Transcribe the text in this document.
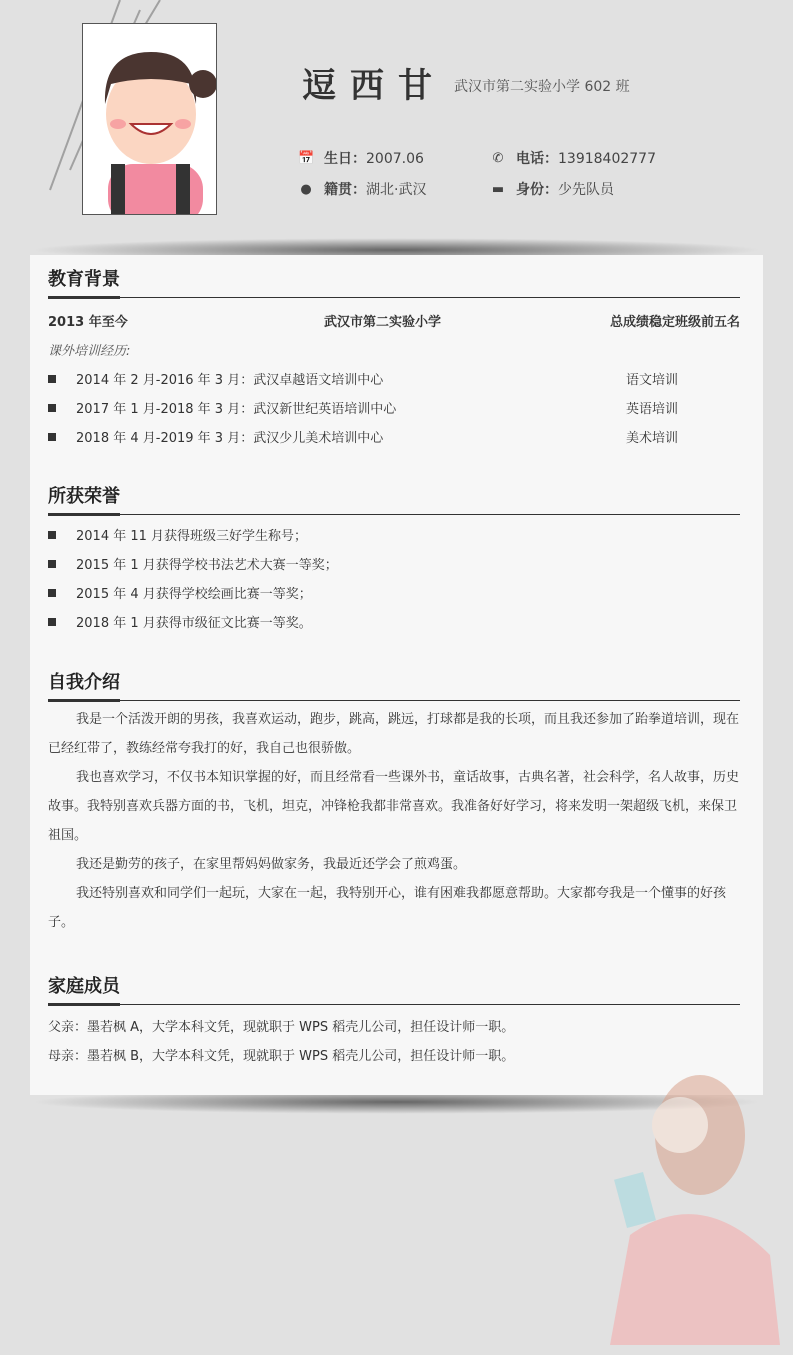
逗西甘 武汉市第二实验小学 602 班
📅 生日：2007.06	✆ 电话：13918402777
● 籍贯：湖北·武汉	▬ 身份：少先队员
教育背景
2013 年至今	武汉市第二实验小学	总成绩稳定班级前五名
课外培训经历:
2014 年 2 月-2016 年 3 月：武汉卓越语文培训中心	语文培训
2017 年 1 月-2018 年 3 月：武汉新世纪英语培训中心	英语培训
2018 年 4 月-2019 年 3 月：武汉少儿美术培训中心	美术培训
所获荣誉
2014 年 11 月获得班级三好学生称号；
2015 年 1 月获得学校书法艺术大赛一等奖；
2015 年 4 月获得学校绘画比赛一等奖；
2018 年 1 月获得市级征文比赛一等奖。
自我介绍

我是一个活泼开朗的男孩，我喜欢运动，跑步，跳高，跳远，打球都是我的长项，而且我还参加了跆拳道培训，现在已经红带了，教练经常夸我打的好，我自己也很骄傲。

我也喜欢学习，不仅书本知识掌握的好，而且经常看一些课外书，童话故事，古典名著，社会科学，名人故事，历史故事。我特别喜欢兵器方面的书，飞机，坦克，冲锋枪我都非常喜欢。我准备好好学习，将来发明一架超级飞机，来保卫祖国。

我还是勤劳的孩子，在家里帮妈妈做家务，我最近还学会了煎鸡蛋。

我还特别喜欢和同学们一起玩，大家在一起，我特别开心，谁有困难我都愿意帮助。大家都夸我是一个懂事的好孩子。

家庭成员
父亲：墨若枫 A，大学本科文凭，现就职于 WPS 稻壳儿公司，担任设计师一职。
母亲：墨若枫 B，大学本科文凭，现就职于 WPS 稻壳儿公司，担任设计师一职。
